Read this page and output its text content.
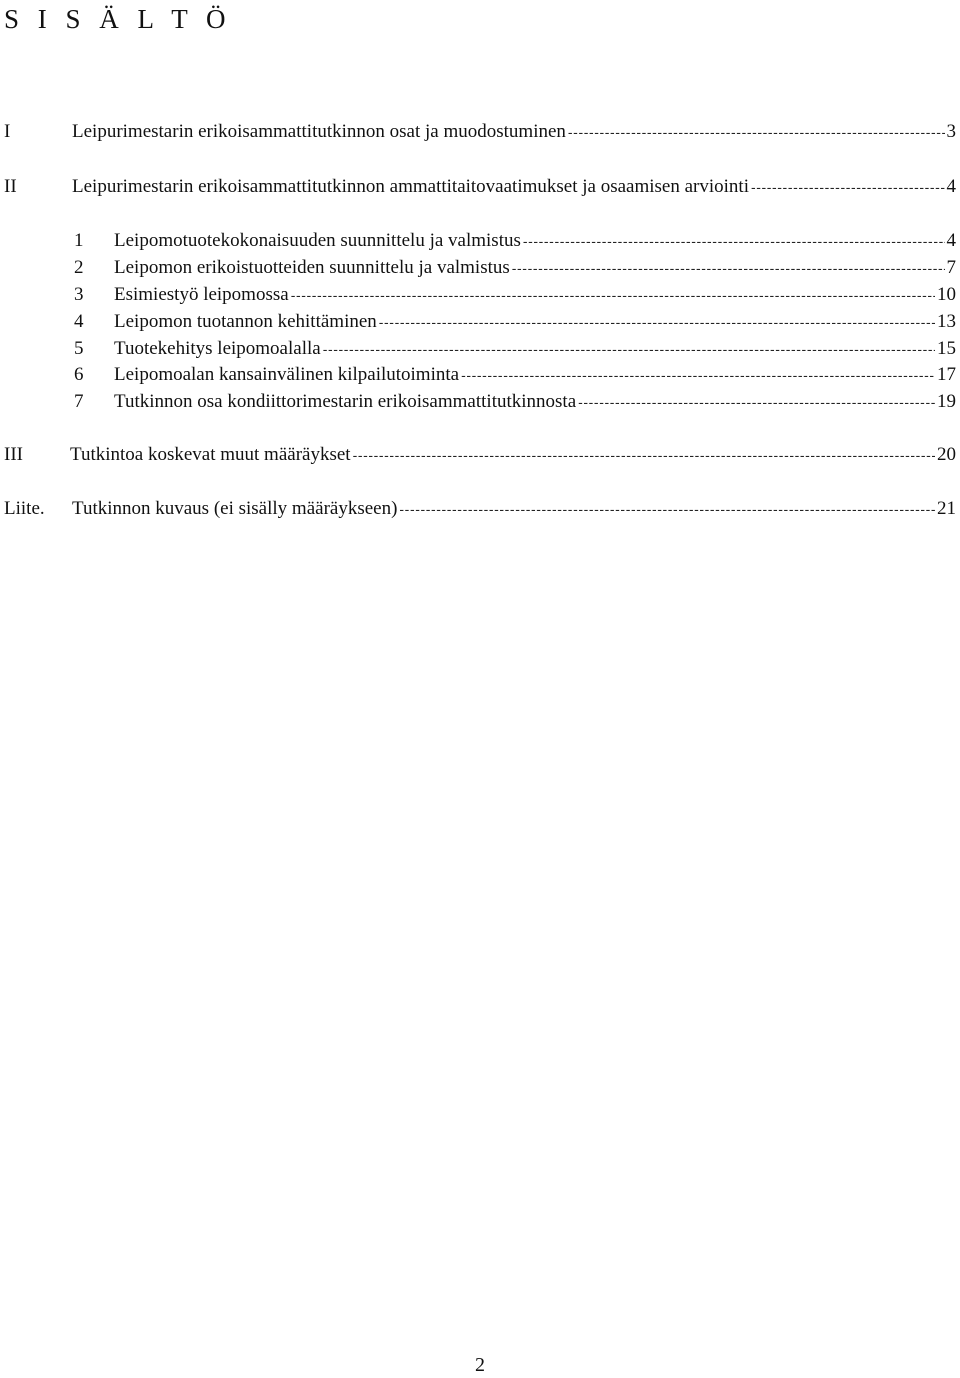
S I S Ä L T Ö
I	Leipurimestarin erikoisammattitutkinnon osat ja muodostuminen -----	3
II	Leipurimestarin erikoisammattitutkinnon ammattitaitovaatimukset ja osaamisen arviointi -----	4
1	Leipomotuotekokonaisuuden suunnittelu ja valmistus -----	4
2	Leipomon erikoistuotteiden suunnittelu ja valmistus -----	7
3	Esimiestyö leipomossa -----	10
4	Leipomon tuotannon kehittäminen -----	13
5	Tuotekehitys leipomoalalla -----	15
6	Leipomoalan kansainvälinen kilpailutoiminta -----	17
7	Tutkinnon osa kondiittorimestarin erikoisammattitutkinnosta -----	19
III	Tutkintoa koskevat muut määräykset -----	20
Liite.	Tutkinnon kuvaus (ei sisälly määräykseen) -----	21
2
